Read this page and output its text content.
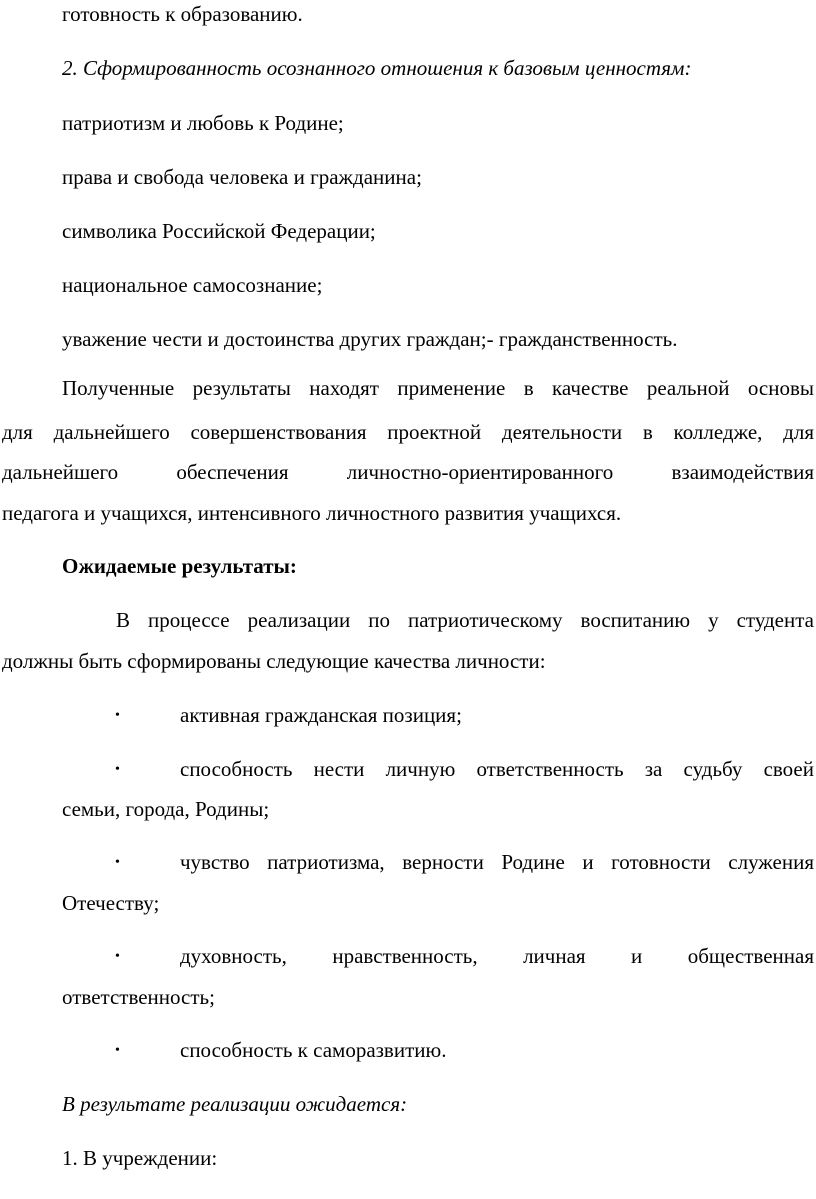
готовность к образованию.
2. Сформированность осознанного отношения к базовым ценностям:
патриотизм и любовь к Родине;
права и свобода человека и гражданина;
символика Российской Федерации;
национальное самосознание;
уважение чести и достоинства других граждан;- гражданственность.
Полученные результаты находят применение в качестве реальной основы
для дальнейшего совершенствования проектной деятельности в колледже, для
дальнейшего обеспечения личностно-ориентированного взаимодействия
педагога и учащихся, интенсивного личностного развития учащихся.
Ожидаемые результаты:
В процессе реализации по патриотическому воспитанию у студента
должны быть сформированы следующие качества личности:
•	активная гражданская позиция;
•	способность нести личную ответственность за судьбу своей
семьи, города, Родины;
•	чувство патриотизма, верности Родине и готовности служения
Отечеству;
•	духовность, нравственность, личная и общественная
ответственность;
•	способность к саморазвитию.
В результате реализации ожидается:
1. В учреждении:
